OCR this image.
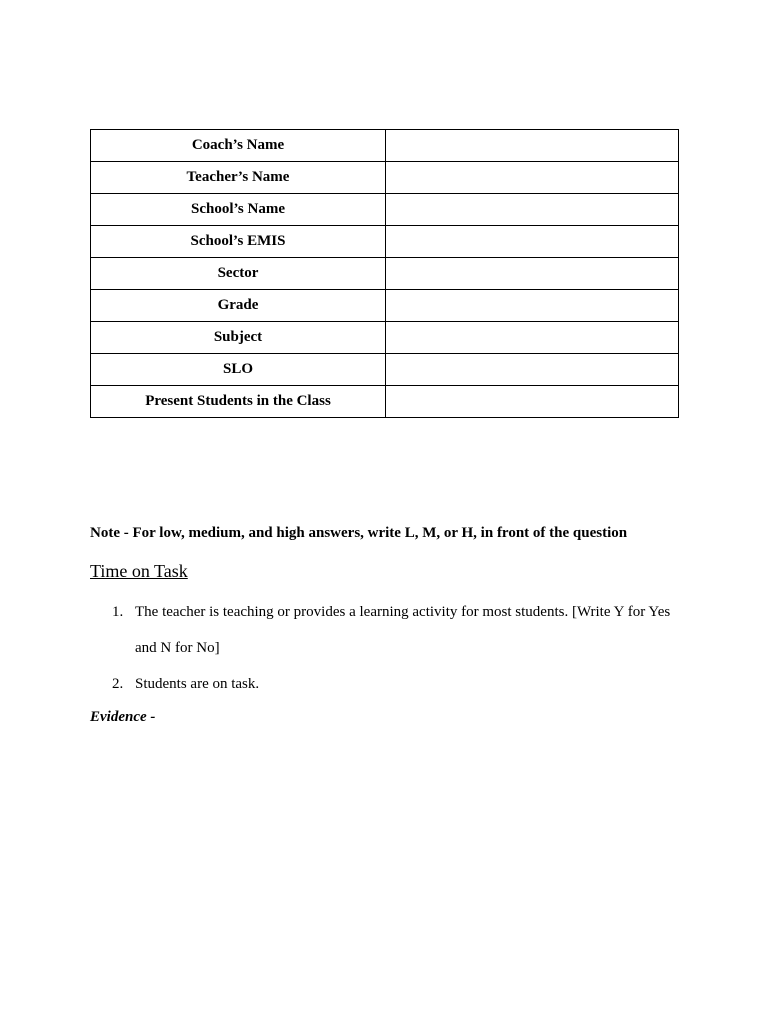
Coach’s Name	
Teacher’s Name	
School’s Name	
School’s EMIS	
Sector	
Grade	
Subject	
SLO	
Present Students in the Class	
Note - For low, medium, and high answers, write L, M, or H, in front of the question
Time on Task
1. The teacher is teaching or provides a learning activity for most students. [Write Y for Yes and N for No]
2. Students are on task.
Evidence -
